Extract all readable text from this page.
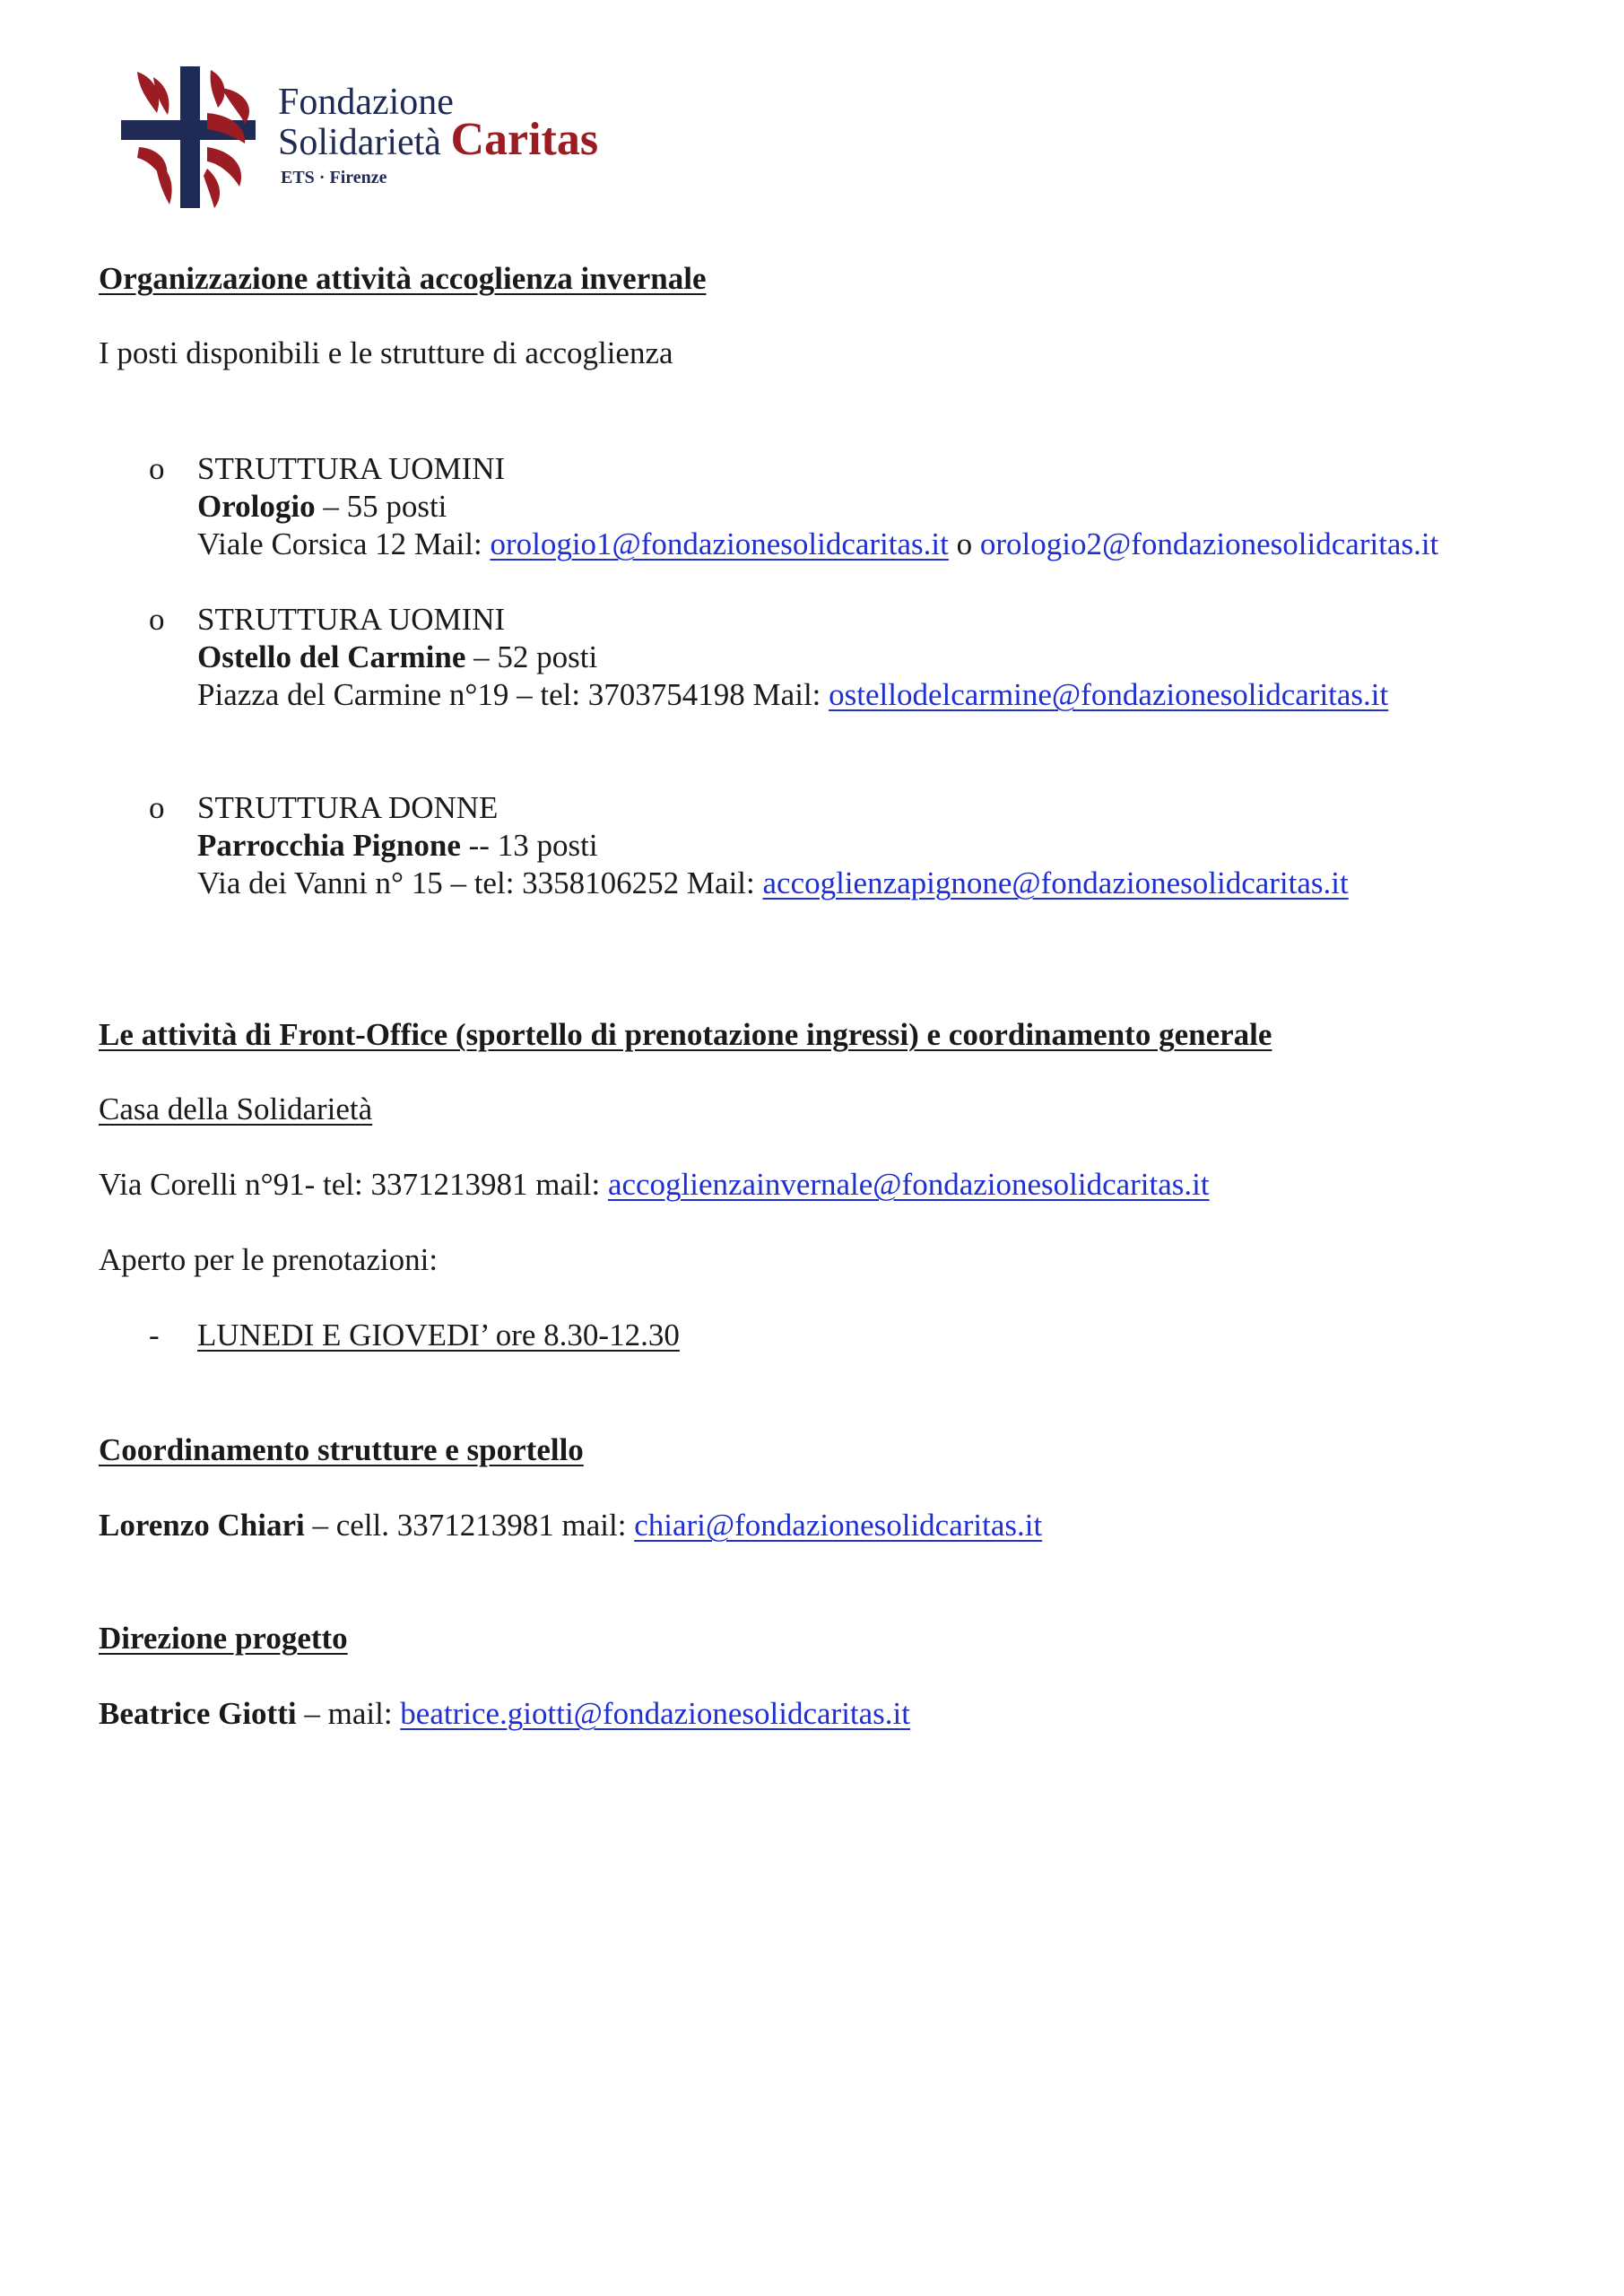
Fondazione
Solidarietà Caritas
ETS · Firenze
Organizzazione attività accoglienza invernale
I posti disponibili e le strutture di accoglienza
o STRUTTURA UOMINI
Orologio – 55 posti
Viale Corsica 12 Mail: orologio1@fondazionesolidcaritas.it o orologio2@fondazionesolidcaritas.it
o STRUTTURA UOMINI
Ostello del Carmine – 52 posti
Piazza del Carmine n°19 – tel: 3703754198 Mail: ostellodelcarmine@fondazionesolidcaritas.it
o STRUTTURA DONNE
Parrocchia Pignone -- 13 posti
Via dei Vanni n° 15 – tel: 3358106252 Mail: accoglienzapignone@fondazionesolidcaritas.it
Le attività di Front-Office (sportello di prenotazione ingressi) e coordinamento generale
Casa della Solidarietà
Via Corelli n°91- tel: 3371213981 mail: accoglienzainvernale@fondazionesolidcaritas.it
Aperto per le prenotazioni:
- LUNEDI E GIOVEDI’ ore 8.30-12.30
Coordinamento strutture e sportello
Lorenzo Chiari – cell. 3371213981 mail: chiari@fondazionesolidcaritas.it
Direzione progetto
Beatrice Giotti – mail: beatrice.giotti@fondazionesolidcaritas.it
